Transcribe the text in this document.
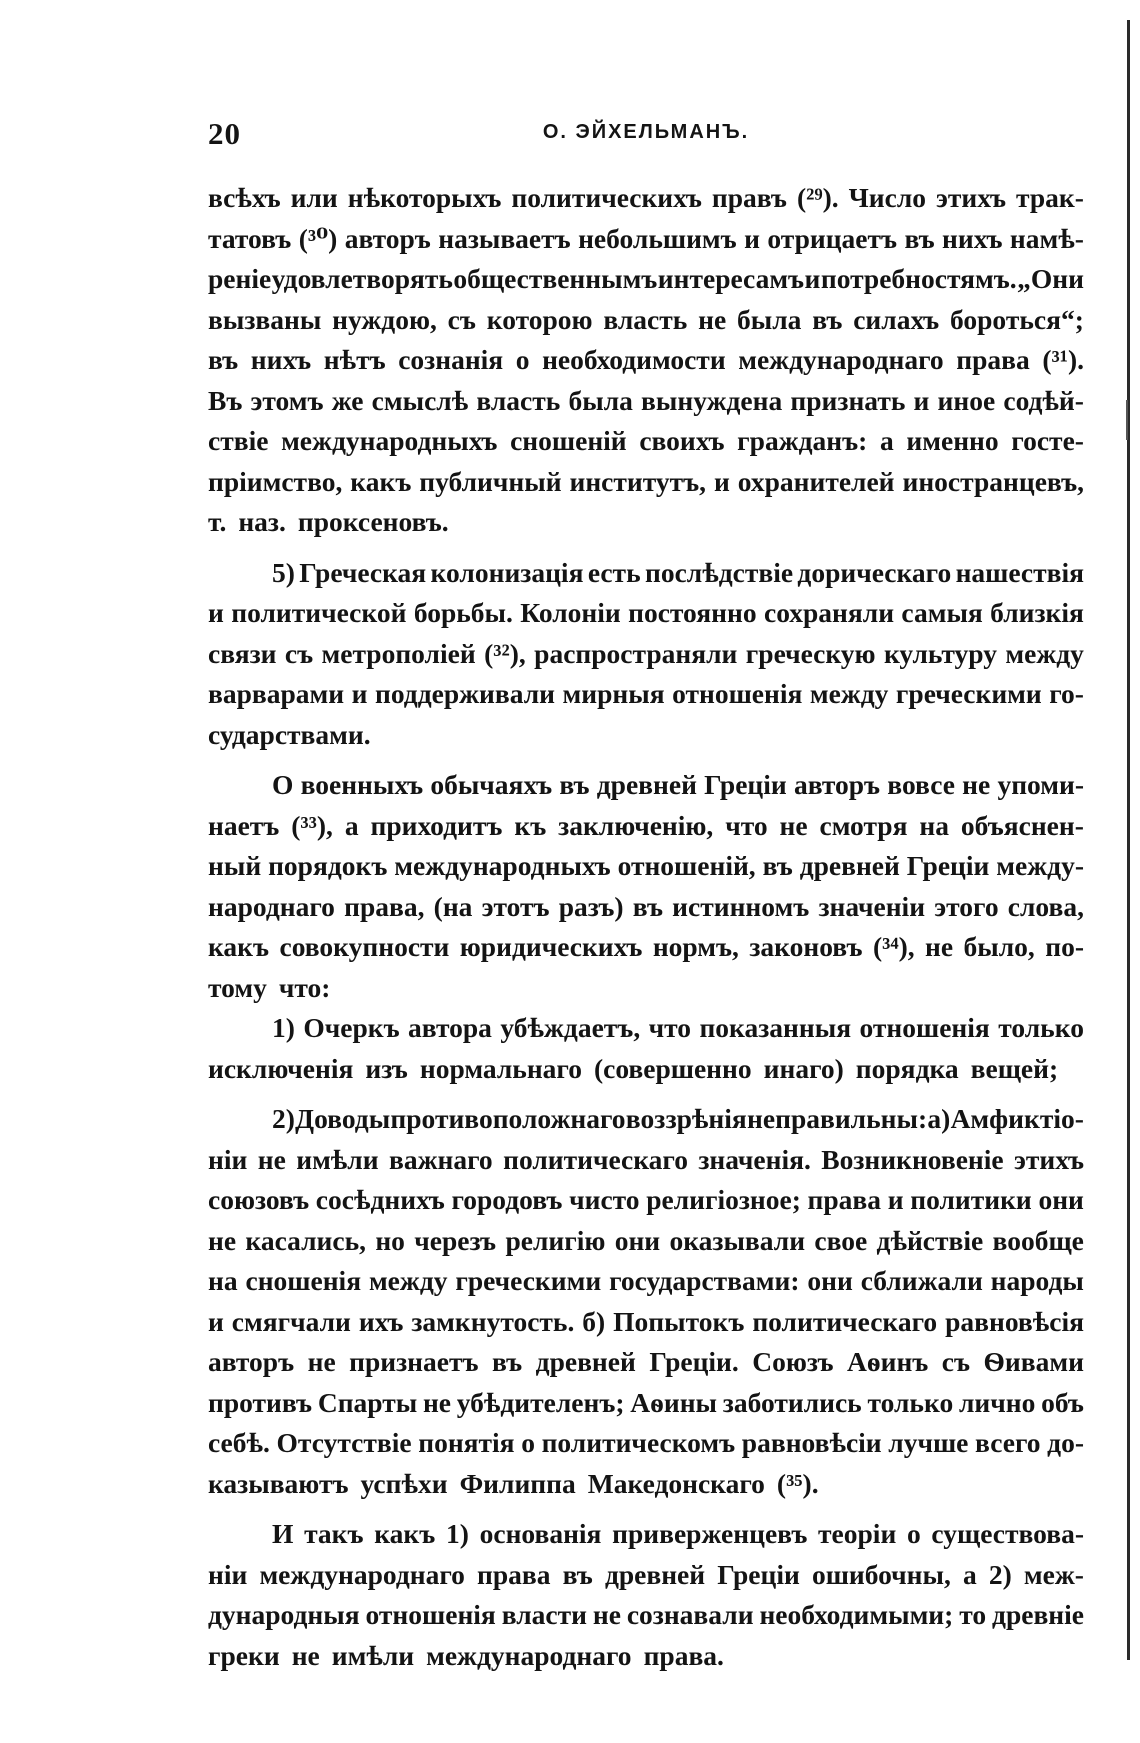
20	О. ЭЙХЕЛЬМАНЪ.
всѣхъ или нѣкоторыхъ политическихъ правъ (²⁹). Число этихъ трак-
татовъ (³⁰) авторъ называетъ небольшимъ и отрицаетъ въ нихъ намѣ-
реніе удовлетворять общественнымъ интересамъ и потребностямъ. „Они
вызваны нуждою, съ которою власть не была въ силахъ бороться“;
въ нихъ нѣтъ сознанія о необходимости международнаго права (³¹).
Въ этомъ же смыслѣ власть была вынуждена признать и иное содѣй-
ствіе международныхъ сношеній своихъ гражданъ: а именно госте-
пріимство, какъ публичный институтъ, и охранителей иностранцевъ,
т. наз. проксеновъ.
5) Греческая колонизація есть послѣдствіе дорическаго нашествія
и политической борьбы. Колоніи постоянно сохраняли самыя близкія
связи съ метрополіей (³²), распространяли греческую культуру между
варварами и поддерживали мирныя отношенія между греческими го-
сударствами.
О военныхъ обычаяхъ въ древней Греціи авторъ вовсе не упоми-
наетъ (³³), а приходитъ къ заключенію, что не смотря на объяснен-
ный порядокъ международныхъ отношеній, въ древней Греціи между-
народнаго права, (на этотъ разъ) въ истинномъ значеніи этого слова,
какъ совокупности юридическихъ нормъ, законовъ (³⁴), не было, по-
тому что:
1) Очеркъ автора убѣждаетъ, что показанныя отношенія только
исключенія изъ нормальнаго (совершенно инаго) порядка вещей;
2) Доводы противоположнаго воззрѣнія неправильны: а) Амфиктіо-
ніи не имѣли важнаго политическаго значенія. Возникновеніе этихъ
союзовъ сосѣднихъ городовъ чисто религіозное; права и политики они
не касались, но черезъ религію они оказывали свое дѣйствіе вообще
на сношенія между греческими государствами: они сближали народы
и смягчали ихъ замкнутость. б) Попытокъ политическаго равновѣсія
авторъ не признаетъ въ древней Греціи. Союзъ Аѳинъ съ Ѳивами
противъ Спарты не убѣдителенъ; Аѳины заботились только лично объ
себѣ. Отсутствіе понятія о политическомъ равновѣсіи лучше всего до-
казываютъ успѣхи Филиппа Македонскаго (³⁵).
И такъ какъ 1) основанія приверженцевъ теоріи о существова-
ніи международнаго права въ древней Греціи ошибочны, а 2) меж-
дународныя отношенія власти не сознавали необходимыми; то древніе
греки не имѣли международнаго права.
